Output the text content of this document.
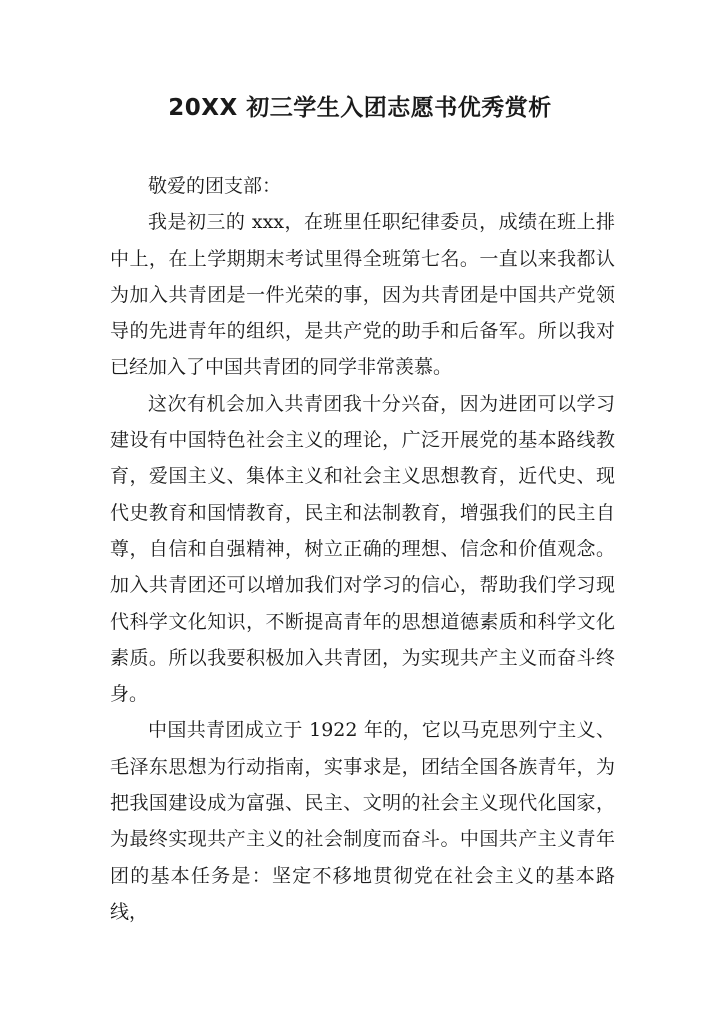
20XX 初三学生入团志愿书优秀赏析

敬爱的团支部：

我是初三的 xxx，在班里任职纪律委员，成绩在班上排中上，在上学期期末考试里得全班第七名。一直以来我都认为加入共青团是一件光荣的事，因为共青团是中国共产党领导的先进青年的组织，是共产党的助手和后备军。所以我对已经加入了中国共青团的同学非常羡慕。

这次有机会加入共青团我十分兴奋，因为进团可以学习建设有中国特色社会主义的理论，广泛开展党的基本路线教育，爱国主义、集体主义和社会主义思想教育，近代史、现代史教育和国情教育，民主和法制教育，增强我们的民主自尊，自信和自强精神，树立正确的理想、信念和价值观念。加入共青团还可以增加我们对学习的信心，帮助我们学习现代科学文化知识，不断提高青年的思想道德素质和科学文化素质。所以我要积极加入共青团，为实现共产主义而奋斗终身。

中国共青团成立于 1922 年的，它以马克思列宁主义、毛泽东思想为行动指南，实事求是，团结全国各族青年，为把我国建设成为富强、民主、文明的社会主义现代化国家，为最终实现共产主义的社会制度而奋斗。中国共产主义青年团的基本任务是：坚定不移地贯彻党在社会主义的基本路线，
